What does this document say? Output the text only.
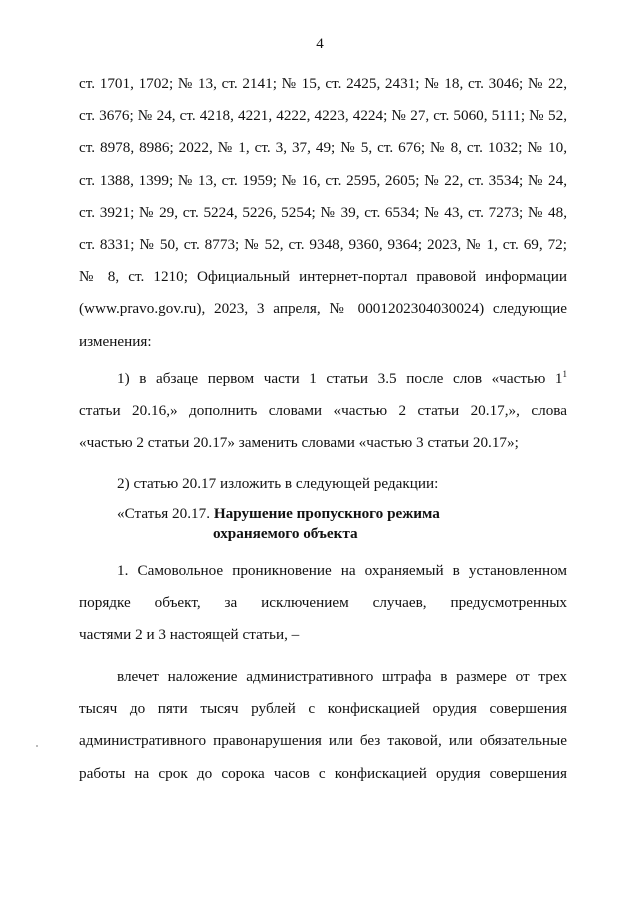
4
ст. 1701, 1702; № 13, ст. 2141; № 15, ст. 2425, 2431; № 18, ст. 3046; № 22,
ст. 3676; № 24, ст. 4218, 4221, 4222, 4223, 4224; № 27, ст. 5060, 5111; № 52,
ст. 8978, 8986; 2022, № 1, ст. 3, 37, 49; № 5, ст. 676; № 8, ст. 1032; № 10,
ст. 1388, 1399; № 13, ст. 1959; № 16, ст. 2595, 2605; № 22, ст. 3534; № 24,
ст. 3921; № 29, ст. 5224, 5226, 5254; № 39, ст. 6534; № 43, ст. 7273; № 48,
ст. 8331; № 50, ст. 8773; № 52, ст. 9348, 9360, 9364; 2023, № 1, ст. 69, 72;
№ 8, ст. 1210; Официальный интернет-портал правовой информации
(www.pravo.gov.ru), 2023, 3 апреля, № 0001202304030024) следующие
изменения:
1) в абзаце первом части 1 статьи 3.5 после слов «частью $1^1$
статьи 20.16,» дополнить словами «частью 2 статьи 20.17,», слова
«частью 2 статьи 20.17» заменить словами «частью 3 статьи 20.17»;
2) статью 20.17 изложить в следующей редакции:
«Статья 20.17. Нарушение пропускного режима
охраняемого объекта
1. Самовольное проникновение на охраняемый в установленном
порядке объект, за исключением случаев, предусмотренных
частями 2 и 3 настоящей статьи, –
влечет наложение административного штрафа в размере от трех
тысяч до пяти тысяч рублей с конфискацией орудия совершения
административного правонарушения или без таковой, или обязательные
работы на срок до сорока часов с конфискацией орудия совершения
